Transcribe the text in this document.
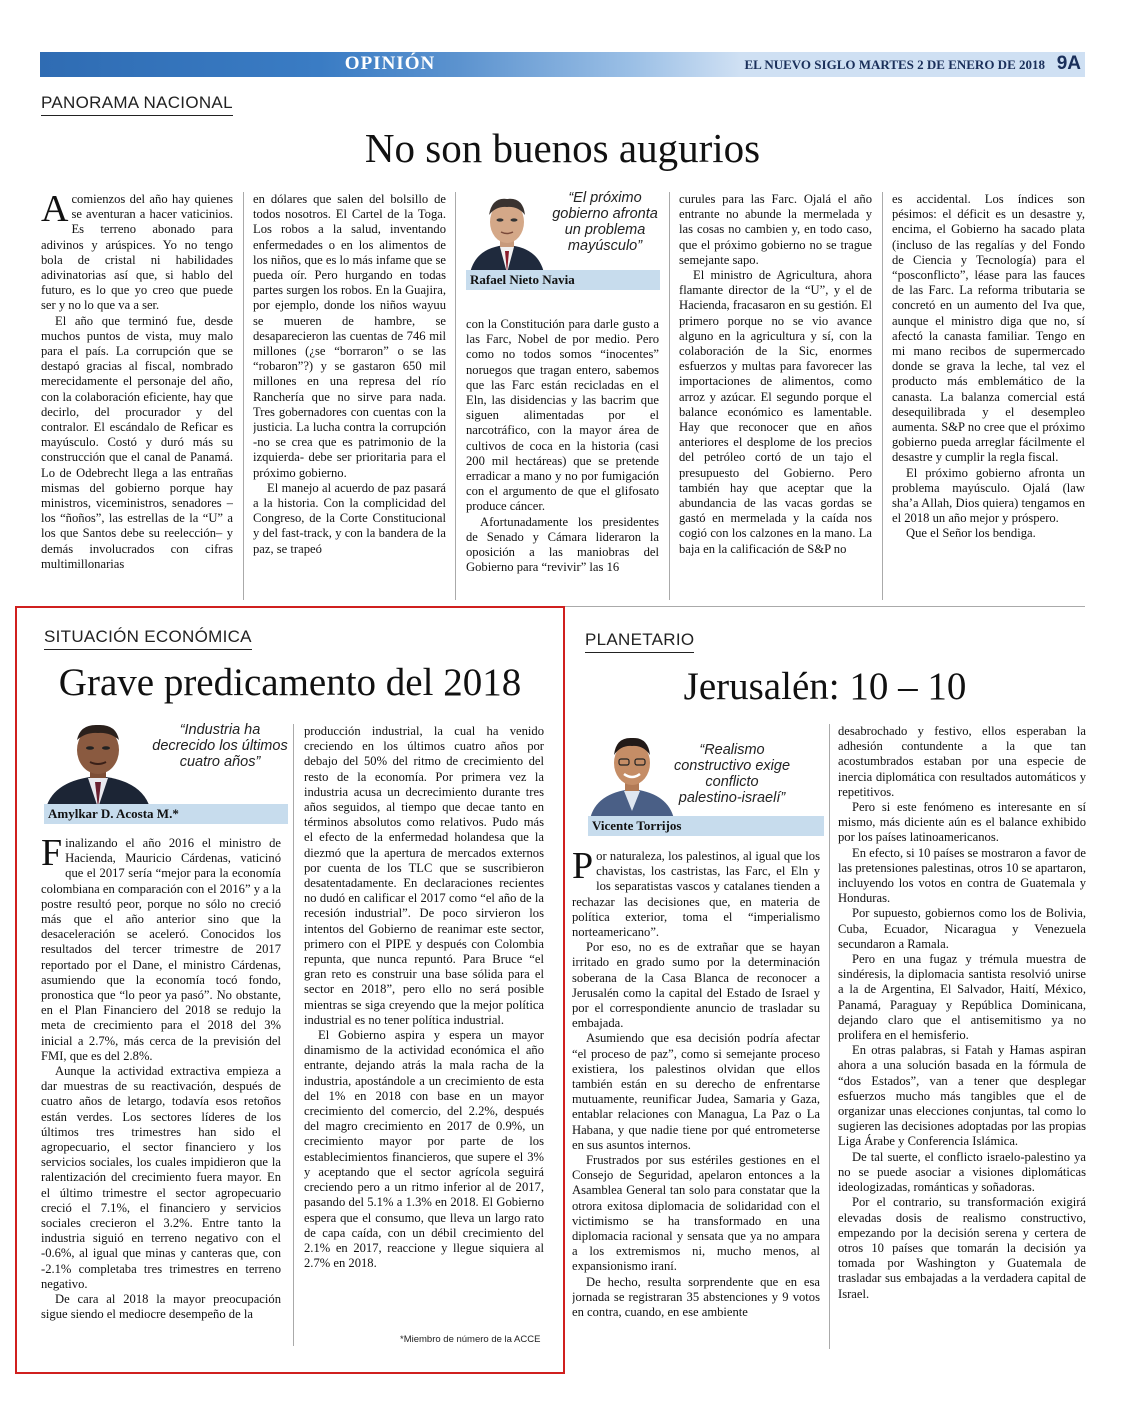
OPINIÓN	EL NUEVO SIGLO MARTES 2 DE ENERO DE 2018 9A
PANORAMA NACIONAL
No son buenos augurios

Acomienzos del año hay quienes se aventuran a hacer vaticinios. Es terreno abonado para adivinos y arúspices. Yo no tengo bola de cristal ni habilidades adivinatorias así que, si hablo del futuro, es lo que yo creo que puede ser y no lo que va a ser.

El año que terminó fue, desde muchos puntos de vista, muy malo para el país. La corrupción que se destapó gracias al fiscal, nombrado merecidamente el personaje del año, con la colaboración eficiente, hay que decirlo, del procurador y del contralor. El escándalo de Reficar es mayúsculo. Costó y duró más su construcción que el canal de Panamá. Lo de Odebrecht llega a las entrañas mismas del gobierno porque hay ministros, viceministros, senadores –los “ñoños”, las estrellas de la “U” a los que Santos debe su reelección– y demás involucrados con cifras multimillonarias

en dólares que salen del bolsillo de todos nosotros. El Cartel de la Toga. Los robos a la salud, inventando enfermedades o en los alimentos de los niños, que es lo más infame que se pueda oír. Pero hurgando en todas partes surgen los robos. En la Guajira, por ejemplo, donde los niños wayuu se mueren de hambre, se desaparecieron las cuentas de 746 mil millones (¿se “borraron” o se las “robaron”?) y se gastaron 650 mil millones en una represa del río Ranchería que no sirve para nada. Tres gobernadores con cuentas con la justicia. La lucha contra la corrupción -no se crea que es patrimonio de la izquierda- debe ser prioritaria para el próximo gobierno.

El manejo al acuerdo de paz pasará a la historia. Con la complicidad del Congreso, de la Corte Constitucional y del fast-track, y con la bandera de la paz, se trapeó

“El próximo gobierno afronta un problema mayúsculo”
Rafael Nieto Navia

con la Constitución para darle gusto a las Farc, Nobel de por medio. Pero como no todos somos “inocentes” noruegos que tragan entero, sabemos que las Farc están recicladas en el Eln, las disidencias y las bacrim que siguen alimentadas por el narcotráfico, con la mayor área de cultivos de coca en la historia (casi 200 mil hectáreas) que se pretende erradicar a mano y no por fumigación con el argumento de que el glifosato produce cáncer.

Afortunadamente los presidentes de Senado y Cámara lideraron la oposición a las maniobras del Gobierno para “revivir” las 16

curules para las Farc. Ojalá el año entrante no abunde la mermelada y las cosas no cambien y, en todo caso, que el próximo gobierno no se trague semejante sapo.

El ministro de Agricultura, ahora flamante director de la “U”, y el de Hacienda, fracasaron en su gestión. El primero porque no se vio avance alguno en la agricultura y sí, con la colaboración de la Sic, enormes esfuerzos y multas para favorecer las importaciones de alimentos, como arroz y azúcar. El segundo porque el balance económico es lamentable. Hay que reconocer que en años anteriores el desplome de los precios del petróleo cortó de un tajo el presupuesto del Gobierno. Pero también hay que aceptar que la abundancia de las vacas gordas se gastó en mermelada y la caída nos cogió con los calzones en la mano. La baja en la calificación de S&P no

es accidental. Los índices son pésimos: el déficit es un desastre y, encima, el Gobierno ha sacado plata (incluso de las regalías y del Fondo de Ciencia y Tecnología) para el “posconflicto”, léase para las fauces de las Farc. La reforma tributaria se concretó en un aumento del Iva que, aunque el ministro diga que no, sí afectó la canasta familiar. Tengo en mi mano recibos de supermercado donde se grava la leche, tal vez el producto más emblemático de la canasta. La balanza comercial está desequilibrada y el desempleo aumenta. S&P no cree que el próximo gobierno pueda arreglar fácilmente el desastre y cumplir la regla fiscal.

El próximo gobierno afronta un problema mayúsculo. Ojalá (law sha’a Allah, Dios quiera) tengamos en el 2018 un año mejor y próspero.

Que el Señor los bendiga.

SITUACIÓN ECONÓMICA
Grave predicamento del 2018
“Industria ha decrecido los últimos cuatro años”
Amylkar D. Acosta M.*

Finalizando el año 2016 el ministro de Hacienda, Mauricio Cárdenas, vaticinó que el 2017 sería “mejor para la economía colombiana en comparación con el 2016” y a la postre resultó peor, porque no sólo no creció más que el año anterior sino que la desaceleración se aceleró. Conocidos los resultados del tercer trimestre de 2017 reportado por el Dane, el ministro Cárdenas, asumiendo que la economía tocó fondo, pronostica que “lo peor ya pasó”. No obstante, en el Plan Financiero del 2018 se redujo la meta de crecimiento para el 2018 del 3% inicial a 2.7%, más cerca de la previsión del FMI, que es del 2.8%.

Aunque la actividad extractiva empieza a dar muestras de su reactivación, después de cuatro años de letargo, todavía esos retoños están verdes. Los sectores líderes de los últimos tres trimestres han sido el agropecuario, el sector financiero y los servicios sociales, los cuales impidieron que la ralentización del crecimiento fuera mayor. En el último trimestre el sector agropecuario creció el 7.1%, el financiero y servicios sociales crecieron el 3.2%. Entre tanto la industria siguió en terreno negativo con el -0.6%, al igual que minas y canteras que, con -2.1% completaba tres trimestres en terreno negativo.

De cara al 2018 la mayor preocupación sigue siendo el mediocre desempeño de la

producción industrial, la cual ha venido creciendo en los últimos cuatro años por debajo del 50% del ritmo de crecimiento del resto de la economía. Por primera vez la industria acusa un decrecimiento durante tres años seguidos, al tiempo que decae tanto en términos absolutos como relativos. Pudo más el efecto de la enfermedad holandesa que la diezmó que la apertura de mercados externos por cuenta de los TLC que se suscribieron desatentadamente. En declaraciones recientes no dudó en calificar el 2017 como “el año de la recesión industrial”. De poco sirvieron los intentos del Gobierno de reanimar este sector, primero con el PIPE y después con Colombia repunta, que nunca repuntó. Para Bruce “el gran reto es construir una base sólida para el sector en 2018”, pero ello no será posible mientras se siga creyendo que la mejor política industrial es no tener política industrial.

El Gobierno aspira y espera un mayor dinamismo de la actividad económica el año entrante, dejando atrás la mala racha de la industria, apostándole a un crecimiento de esta del 1% en 2018 con base en un mayor crecimiento del comercio, del 2.2%, después del magro crecimiento en 2017 de 0.9%, un crecimiento mayor por parte de los establecimientos financieros, que supere el 3% y aceptando que el sector agrícola seguirá creciendo pero a un ritmo inferior al de 2017, pasando del 5.1% a 1.3% en 2018. El Gobierno espera que el consumo, que lleva un largo rato de capa caída, con un débil crecimiento del 2.1% en 2017, reaccione y llegue siquiera al 2.7% en 2018.

*Miembro de número de la ACCE
PLANETARIO
Jerusalén: 10 – 10
“Realismo constructivo exige conflicto palestino-israelí”
Vicente Torrijos

Por naturaleza, los palestinos, al igual que los chavistas, los castristas, las Farc, el Eln y los separatistas vascos y catalanes tienden a rechazar las decisiones que, en materia de política exterior, toma el “imperialismo norteamericano”.

Por eso, no es de extrañar que se hayan irritado en grado sumo por la determinación soberana de la Casa Blanca de reconocer a Jerusalén como la capital del Estado de Israel y por el correspondiente anuncio de trasladar su embajada.

Asumiendo que esa decisión podría afectar “el proceso de paz”, como si semejante proceso existiera, los palestinos olvidan que ellos también están en su derecho de enfrentarse mutuamente, reunificar Judea, Samaria y Gaza, entablar relaciones con Managua, La Paz o La Habana, y que nadie tiene por qué entrometerse en sus asuntos internos.

Frustrados por sus estériles gestiones en el Consejo de Seguridad, apelaron entonces a la Asamblea General tan solo para constatar que la otrora exitosa diplomacia de solidaridad con el victimismo se ha transformado en una diplomacia racional y sensata que ya no ampara a los extremismos ni, mucho menos, al expansionismo iraní.

De hecho, resulta sorprendente que en esa jornada se registraran 35 abstenciones y 9 votos en contra, cuando, en ese ambiente

desabrochado y festivo, ellos esperaban la adhesión contundente a la que tan acostumbrados estaban por una especie de inercia diplomática con resultados automáticos y repetitivos.

Pero si este fenómeno es interesante en sí mismo, más diciente aún es el balance exhibido por los países latinoamericanos.

En efecto, si 10 países se mostraron a favor de las pretensiones palestinas, otros 10 se apartaron, incluyendo los votos en contra de Guatemala y Honduras.

Por supuesto, gobiernos como los de Bolivia, Cuba, Ecuador, Nicaragua y Venezuela secundaron a Ramala.

Pero en una fugaz y trémula muestra de sindéresis, la diplomacia santista resolvió unirse a la de Argentina, El Salvador, Haití, México, Panamá, Paraguay y República Dominicana, dejando claro que el antisemitismo ya no prolifera en el hemisferio.

En otras palabras, si Fatah y Hamas aspiran ahora a una solución basada en la fórmula de “dos Estados”, van a tener que desplegar esfuerzos mucho más tangibles que el de organizar unas elecciones conjuntas, tal como lo sugieren las decisiones adoptadas por las propias Liga Árabe y Conferencia Islámica.

De tal suerte, el conflicto israelo-palestino ya no se puede asociar a visiones diplomáticas ideologizadas, románticas y soñadoras.

Por el contrario, su transformación exigirá elevadas dosis de realismo constructivo, empezando por la decisión serena y certera de otros 10 países que tomarán la decisión ya tomada por Washington y Guatemala de trasladar sus embajadas a la verdadera capital de Israel.
